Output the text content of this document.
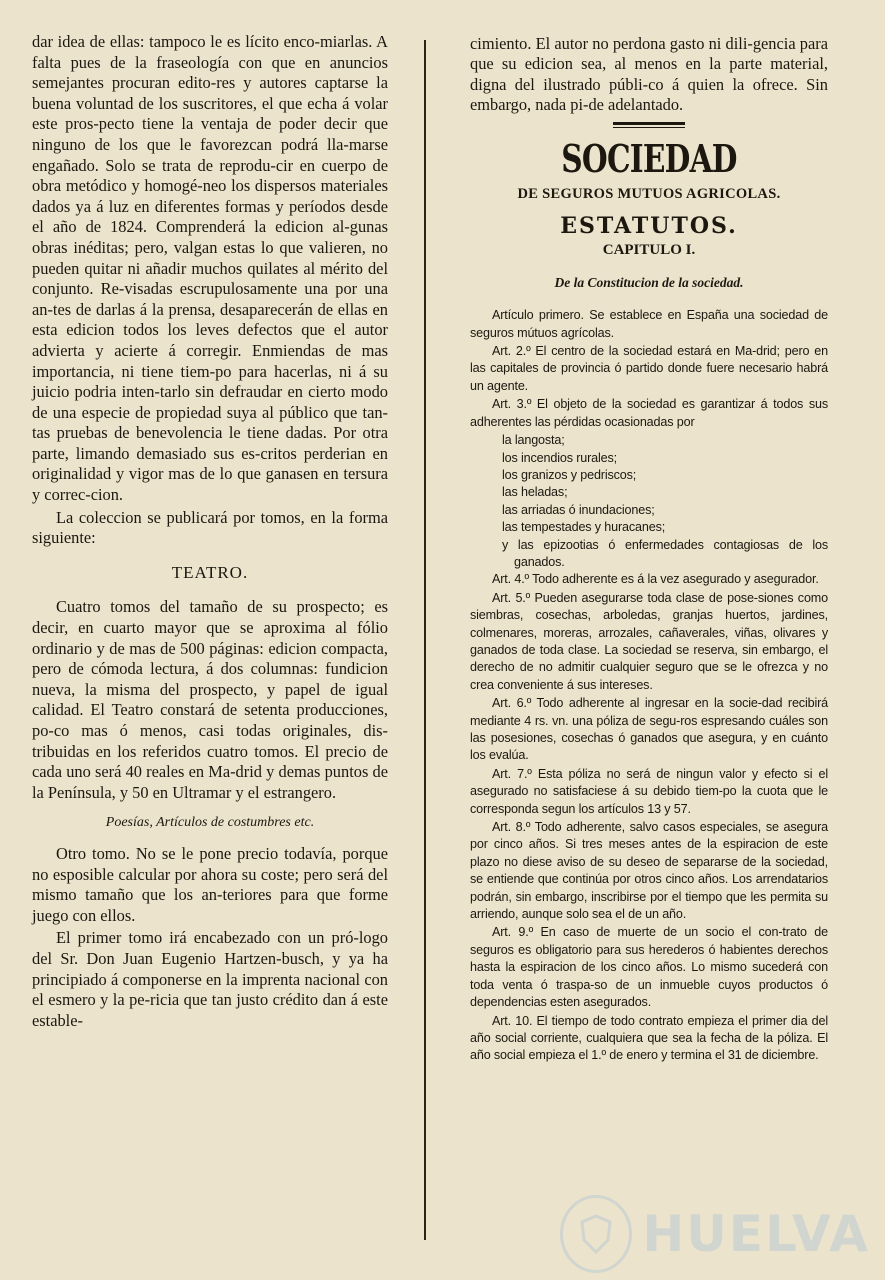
dar idea de ellas: tampoco le es lícito enco-miarlas. A falta pues de la fraseología con que en anuncios semejantes procuran edito-res y autores captarse la buena voluntad de los suscritores, el que echa á volar este pros-pecto tiene la ventaja de poder decir que ninguno de los que le favorezcan podrá lla-marse engañado. Solo se trata de reprodu-cir en cuerpo de obra metódico y homogé-neo los dispersos materiales dados ya á luz en diferentes formas y períodos desde el año de 1824. Comprenderá la edicion al-gunas obras inéditas; pero, valgan estas lo que valieren, no pueden quitar ni añadir muchos quilates al mérito del conjunto. Re-visadas escrupulosamente una por una an-tes de darlas á la prensa, desaparecerán de ellas en esta edicion todos los leves defectos que el autor advierta y acierte á corregir. Enmiendas de mas importancia, ni tiene tiem-po para hacerlas, ni á su juicio podria inten-tarlo sin defraudar en cierto modo de una especie de propiedad suya al público que tan-tas pruebas de benevolencia le tiene dadas. Por otra parte, limando demasiado sus es-critos perderian en originalidad y vigor mas de lo que ganasen en tersura y correc-cion.

La coleccion se publicará por tomos, en la forma siguiente:

TEATRO.

Cuatro tomos del tamaño de su prospecto; es decir, en cuarto mayor que se aproxima al fólio ordinario y de mas de 500 páginas: edicion compacta, pero de cómoda lectura, á dos columnas: fundicion nueva, la misma del prospecto, y papel de igual calidad. El Teatro constará de setenta producciones, po-co mas ó menos, casi todas originales, dis-tribuidas en los referidos cuatro tomos. El precio de cada uno será 40 reales en Ma-drid y demas puntos de la Península, y 50 en Ultramar y el estrangero.

Poesías, Artículos de costumbres etc.

Otro tomo. No se le pone precio todavía, porque no esposible calcular por ahora su coste; pero será del mismo tamaño que los an-teriores para que forme juego con ellos.

El primer tomo irá encabezado con un pró-logo del Sr. Don Juan Eugenio Hartzen-busch, y ya ha principiado á componerse en la imprenta nacional con el esmero y la pe-ricia que tan justo crédito dan á este estable-

cimiento. El autor no perdona gasto ni dili-gencia para que su edicion sea, al menos en la parte material, digna del ilustrado públi-co á quien la ofrece. Sin embargo, nada pi-de adelantado.

SOCIEDAD
DE SEGUROS MUTUOS AGRICOLAS.
ESTATUTOS.
CAPITULO I.
De la Constitucion de la sociedad.

Artículo primero. Se establece en España una sociedad de seguros mútuos agrícolas.

Art. 2.º El centro de la sociedad estará en Ma-drid; pero en las capitales de provincia ó partido donde fuere necesario habrá un agente.

Art. 3.º El objeto de la sociedad es garantizar á todos sus adherentes las pérdidas ocasionadas por

la langosta;
los incendios rurales;
los granizos y pedriscos;
las heladas;
las arriadas ó inundaciones;
las tempestades y huracanes;
y las epizootias ó enfermedades contagiosas de los ganados.

Art. 4.º Todo adherente es á la vez asegurado y asegurador.

Art. 5.º Pueden asegurarse toda clase de pose-siones como siembras, cosechas, arboledas, granjas huertos, jardines, colmenares, moreras, arrozales, cañaverales, viñas, olivares y ganados de toda clase. La sociedad se reserva, sin embargo, el derecho de no admitir cualquier seguro que se le ofrezca y no crea conveniente á sus intereses.

Art. 6.º Todo adherente al ingresar en la socie-dad recibirá mediante 4 rs. vn. una póliza de segu-ros espresando cuáles son las posesiones, cosechas ó ganados que asegura, y en cuánto los evalúa.

Art. 7.º Esta póliza no será de ningun valor y efecto si el asegurado no satisfaciese á su debido tiem-po la cuota que le corresponda segun los artículos 13 y 57.

Art. 8.º Todo adherente, salvo casos especiales, se asegura por cinco años. Si tres meses antes de la espiracion de este plazo no diese aviso de su deseo de separarse de la sociedad, se entiende que continúa por otros cinco años. Los arrendatarios podrán, sin embargo, inscribirse por el tiempo que les permita su arriendo, aunque solo sea el de un año.

Art. 9.º En caso de muerte de un socio el con-trato de seguros es obligatorio para sus herederos ó habientes derechos hasta la espiracion de los cinco años. Lo mismo sucederá con toda venta ó traspa-so de un inmueble cuyos productos ó dependencias esten asegurados.

Art. 10. El tiempo de todo contrato empieza el primer dia del año social corriente, cualquiera que sea la fecha de la póliza. El año social empieza el 1.º de enero y termina el 31 de diciembre.

HUELVA
